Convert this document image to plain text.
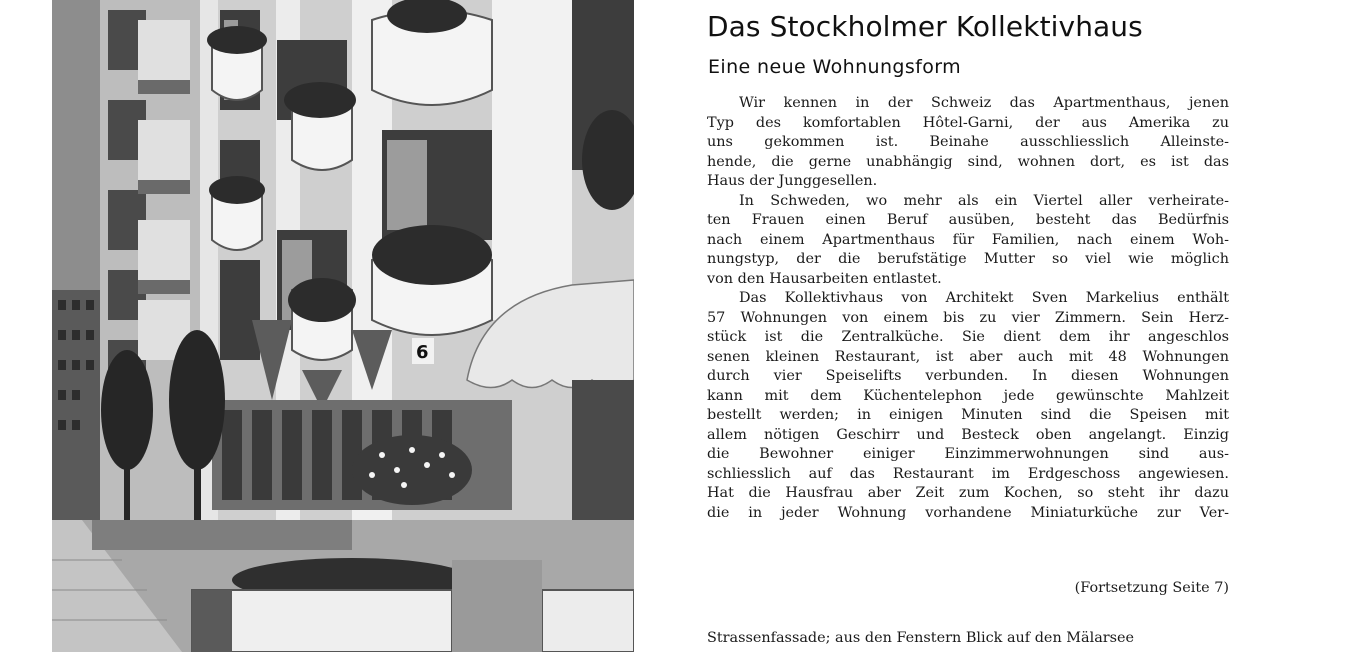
6
Das Stockholmer Kollektivhaus
Eine neue Wohnungsform
Wir kennen in der Schweiz das Apartmenthaus, jenen
Typ des komfortablen Hôtel-Garni, der aus Amerika zu
uns gekommen ist. Beinahe ausschliesslich Alleinste-
hende, die gerne unabhängig sind, wohnen dort, es ist das
Haus der Junggesellen.
In Schweden, wo mehr als ein Viertel aller verheirate-
ten Frauen einen Beruf ausüben, besteht das Bedürfnis
nach einem Apartmenthaus für Familien, nach einem Woh-
nungstyp, der die berufstätige Mutter so viel wie möglich
von den Hausarbeiten entlastet.
Das Kollektivhaus von Architekt Sven Markelius enthält
57 Wohnungen von einem bis zu vier Zimmern. Sein Herz-
stück ist die Zentralküche. Sie dient dem ihr angeschlos
senen kleinen Restaurant, ist aber auch mit 48 Wohnungen
durch vier Speiselifts verbunden. In diesen Wohnungen
kann mit dem Küchentelephon jede gewünschte Mahlzeit
bestellt werden; in einigen Minuten sind die Speisen mit
allem nötigen Geschirr und Besteck oben angelangt. Einzig
die Bewohner einiger Einzimmerwohnungen sind aus-
schliesslich auf das Restaurant im Erdgeschoss angewiesen.
Hat die Hausfrau aber Zeit zum Kochen, so steht ihr dazu
die in jeder Wohnung vorhandene Miniaturküche zur Ver-
(Fortsetzung Seite 7)
Strassenfassade; aus den Fenstern Blick auf den Mälarsee
